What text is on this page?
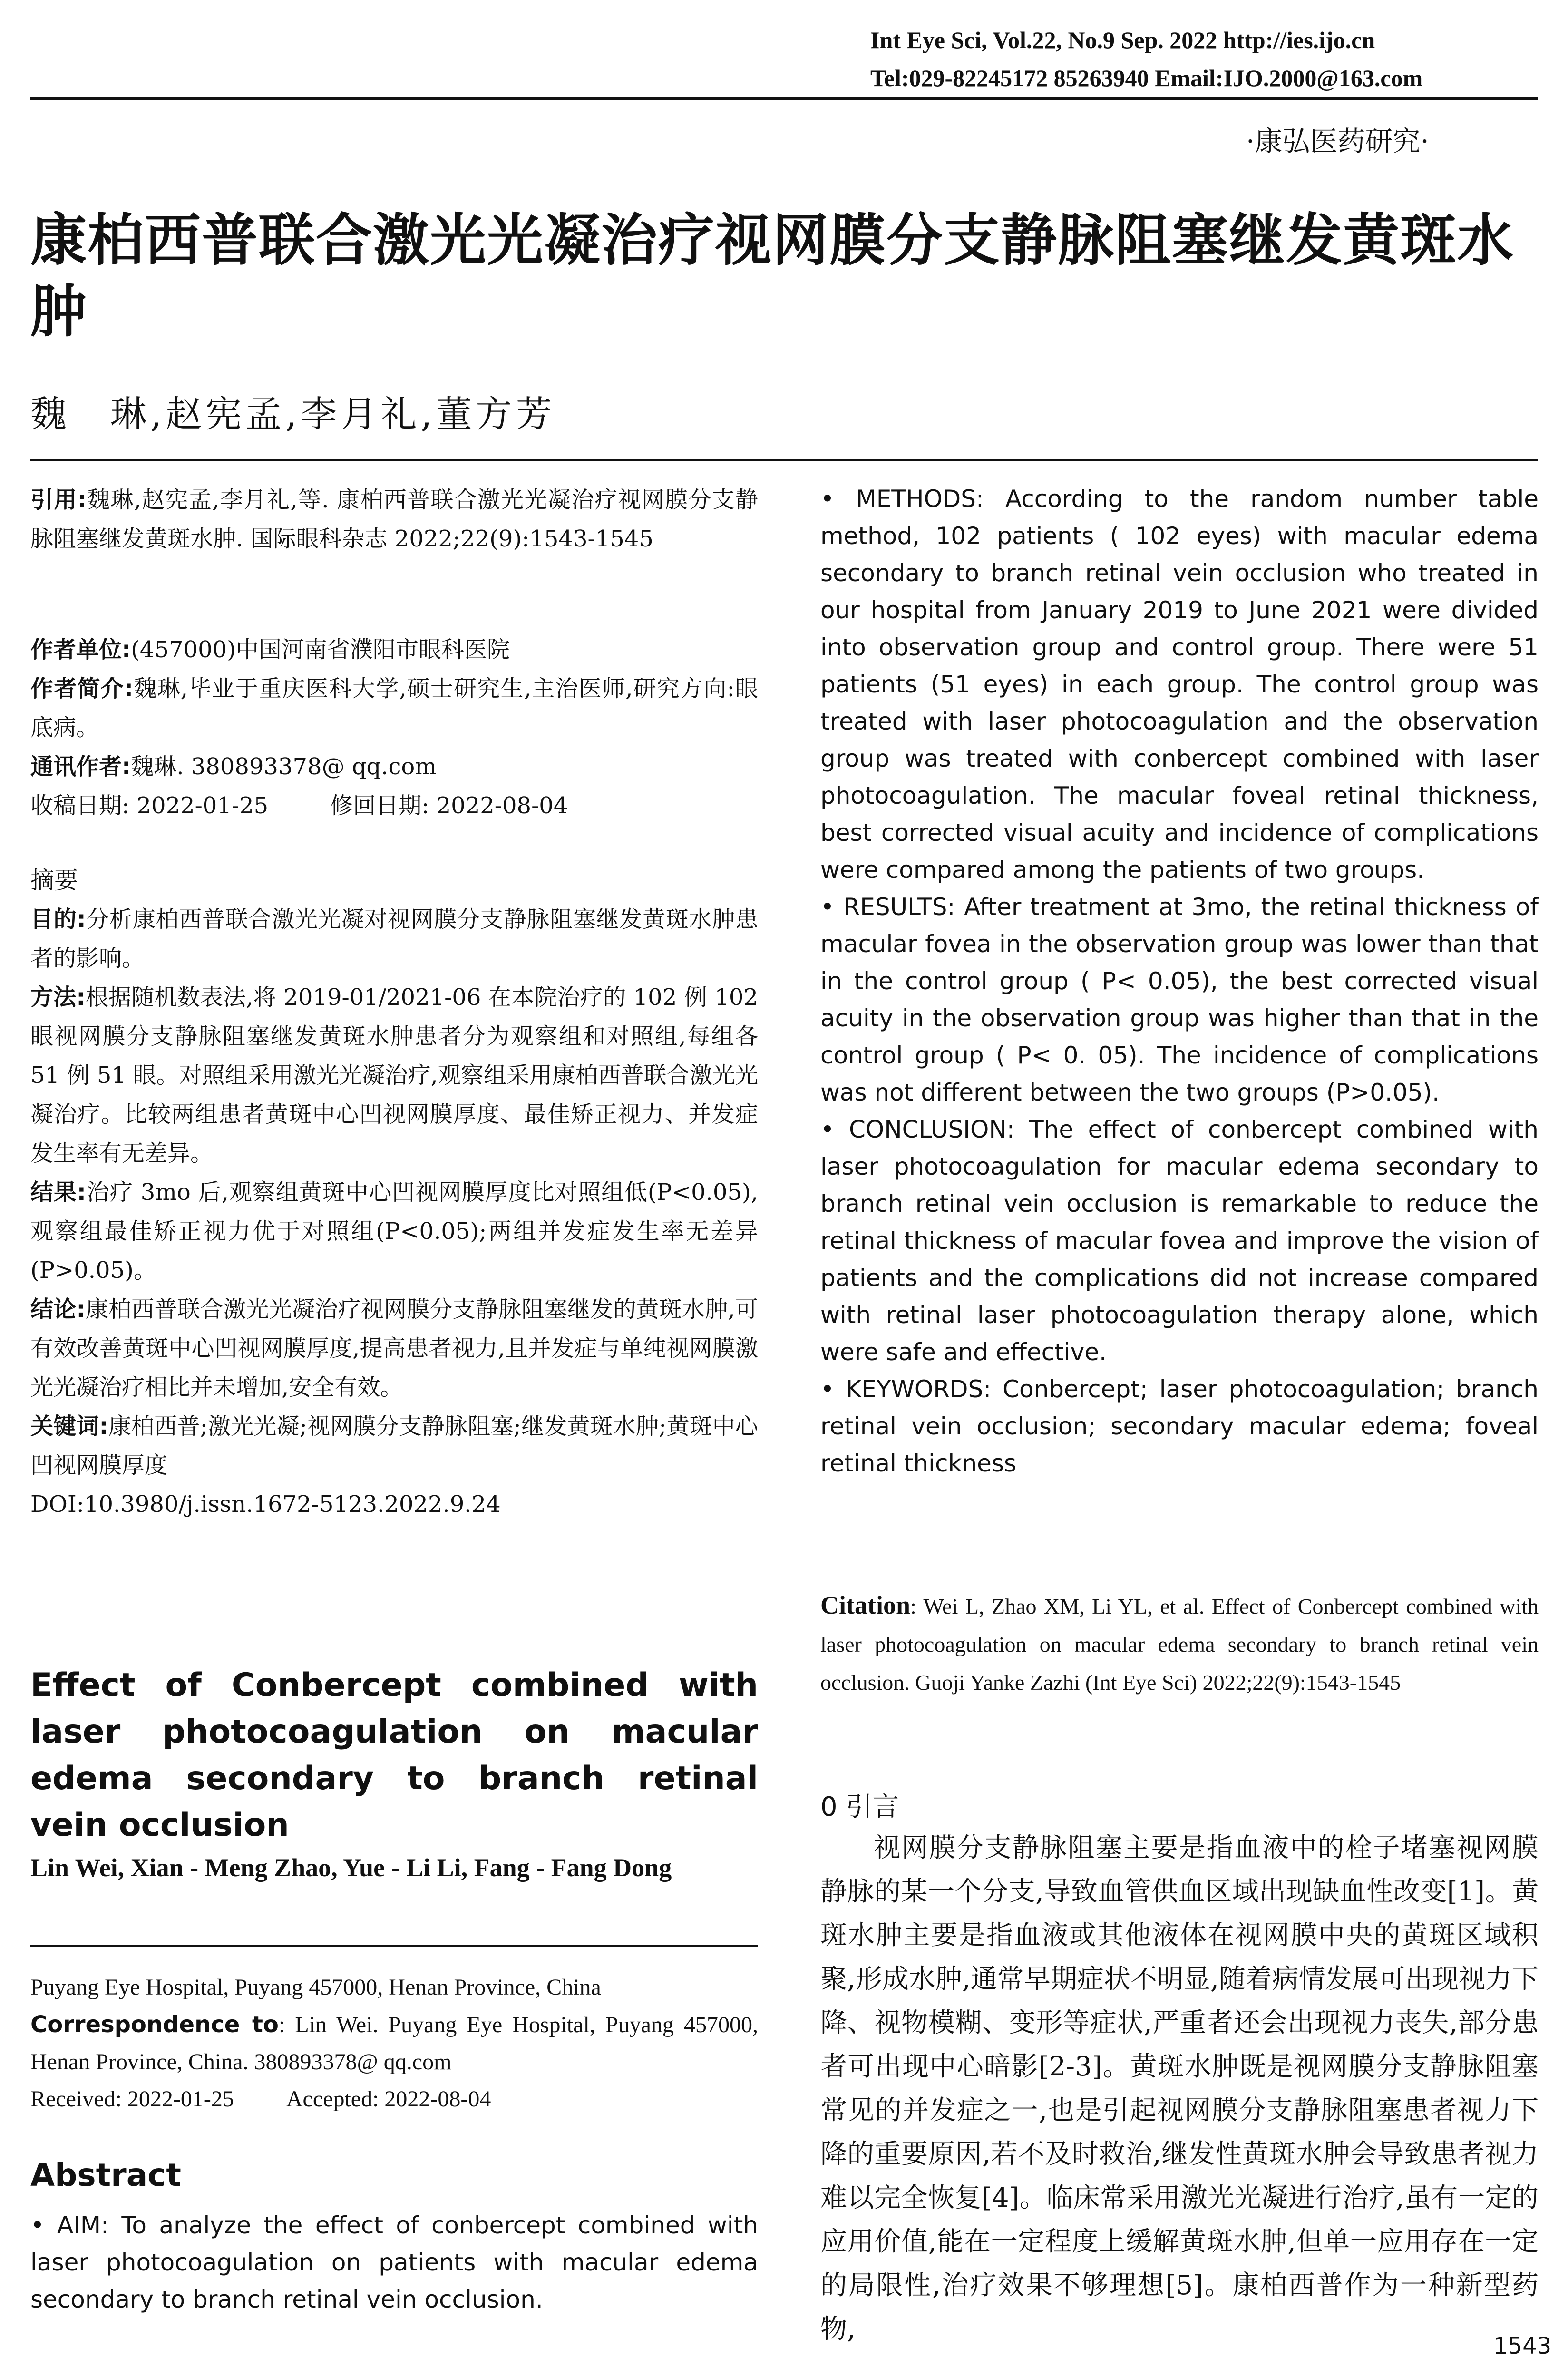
Int Eye Sci, Vol.22, No.9 Sep. 2022 http://ies.ijo.cn
Tel:029-82245172 85263940 Email:IJO.2000@163.com
·康弘医药研究·
康柏西普联合激光光凝治疗视网膜分支静脉阻塞继发黄斑水肿
魏　琳,赵宪孟,李月礼,董方芳

引用:魏琳,赵宪孟,李月礼,等. 康柏西普联合激光光凝治疗视网膜分支静脉阻塞继发黄斑水肿. 国际眼科杂志 2022;22(9):1543-1545

作者单位:(457000)中国河南省濮阳市眼科医院

作者简介:魏琳,毕业于重庆医科大学,硕士研究生,主治医师,研究方向:眼底病。

通讯作者:魏琳. 380893378@ qq.com

收稿日期: 2022-01-25	修回日期: 2022-08-04

摘要

目的:分析康柏西普联合激光光凝对视网膜分支静脉阻塞继发黄斑水肿患者的影响。

方法:根据随机数表法,将 2019-01/2021-06 在本院治疗的 102 例 102 眼视网膜分支静脉阻塞继发黄斑水肿患者分为观察组和对照组,每组各 51 例 51 眼。对照组采用激光光凝治疗,观察组采用康柏西普联合激光光凝治疗。比较两组患者黄斑中心凹视网膜厚度、最佳矫正视力、并发症发生率有无差异。

结果:治疗 3mo 后,观察组黄斑中心凹视网膜厚度比对照组低(P<0.05),观察组最佳矫正视力优于对照组(P<0.05);两组并发症发生率无差异(P>0.05)。

结论:康柏西普联合激光光凝治疗视网膜分支静脉阻塞继发的黄斑水肿,可有效改善黄斑中心凹视网膜厚度,提高患者视力,且并发症与单纯视网膜激光光凝治疗相比并未增加,安全有效。

关键词:康柏西普;激光光凝;视网膜分支静脉阻塞;继发黄斑水肿;黄斑中心凹视网膜厚度

DOI:10.3980/j.issn.1672-5123.2022.9.24

Effect of Conbercept combined with laser photocoagulation on macular edema secondary to branch retinal vein occlusion
Lin Wei, Xian - Meng Zhao, Yue - Li Li, Fang - Fang Dong
Puyang Eye Hospital, Puyang 457000, Henan Province, China
Correspondence to: Lin Wei. Puyang Eye Hospital, Puyang 457000, Henan Province, China. 380893378@ qq.com
Received: 2022-01-25 Accepted: 2022-08-04
Abstract

• AIM: To analyze the effect of conbercept combined with laser photocoagulation on patients with macular edema secondary to branch retinal vein occlusion.

• METHODS: According to the random number table method, 102 patients ( 102 eyes) with macular edema secondary to branch retinal vein occlusion who treated in our hospital from January 2019 to June 2021 were divided into observation group and control group. There were 51 patients (51 eyes) in each group. The control group was treated with laser photocoagulation and the observation group was treated with conbercept combined with laser photocoagulation. The macular foveal retinal thickness, best corrected visual acuity and incidence of complications were compared among the patients of two groups.

• RESULTS: After treatment at 3mo, the retinal thickness of macular fovea in the observation group was lower than that in the control group ( P< 0.05), the best corrected visual acuity in the observation group was higher than that in the control group ( P< 0. 05). The incidence of complications was not different between the two groups (P>0.05).

• CONCLUSION: The effect of conbercept combined with laser photocoagulation for macular edema secondary to branch retinal vein occlusion is remarkable to reduce the retinal thickness of macular fovea and improve the vision of patients and the complications did not increase compared with retinal laser photocoagulation therapy alone, which were safe and effective.

• KEYWORDS: Conbercept; laser photocoagulation; branch retinal vein occlusion; secondary macular edema; foveal retinal thickness

Citation: Wei L, Zhao XM, Li YL, et al. Effect of Conbercept combined with laser photocoagulation on macular edema secondary to branch retinal vein occlusion. Guoji Yanke Zazhi (Int Eye Sci) 2022;22(9):1543-1545
0 引言
视网膜分支静脉阻塞主要是指血液中的栓子堵塞视网膜静脉的某一个分支,导致血管供血区域出现缺血性改变[1]。黄斑水肿主要是指血液或其他液体在视网膜中央的黄斑区域积聚,形成水肿,通常早期症状不明显,随着病情发展可出现视力下降、视物模糊、变形等症状,严重者还会出现视力丧失,部分患者可出现中心暗影[2-3]。黄斑水肿既是视网膜分支静脉阻塞常见的并发症之一,也是引起视网膜分支静脉阻塞患者视力下降的重要原因,若不及时救治,继发性黄斑水肿会导致患者视力难以完全恢复[4]。临床常采用激光光凝进行治疗,虽有一定的应用价值,能在一定程度上缓解黄斑水肿,但单一应用存在一定的局限性,治疗效果不够理想[5]。康柏西普作为一种新型药物,
1543
